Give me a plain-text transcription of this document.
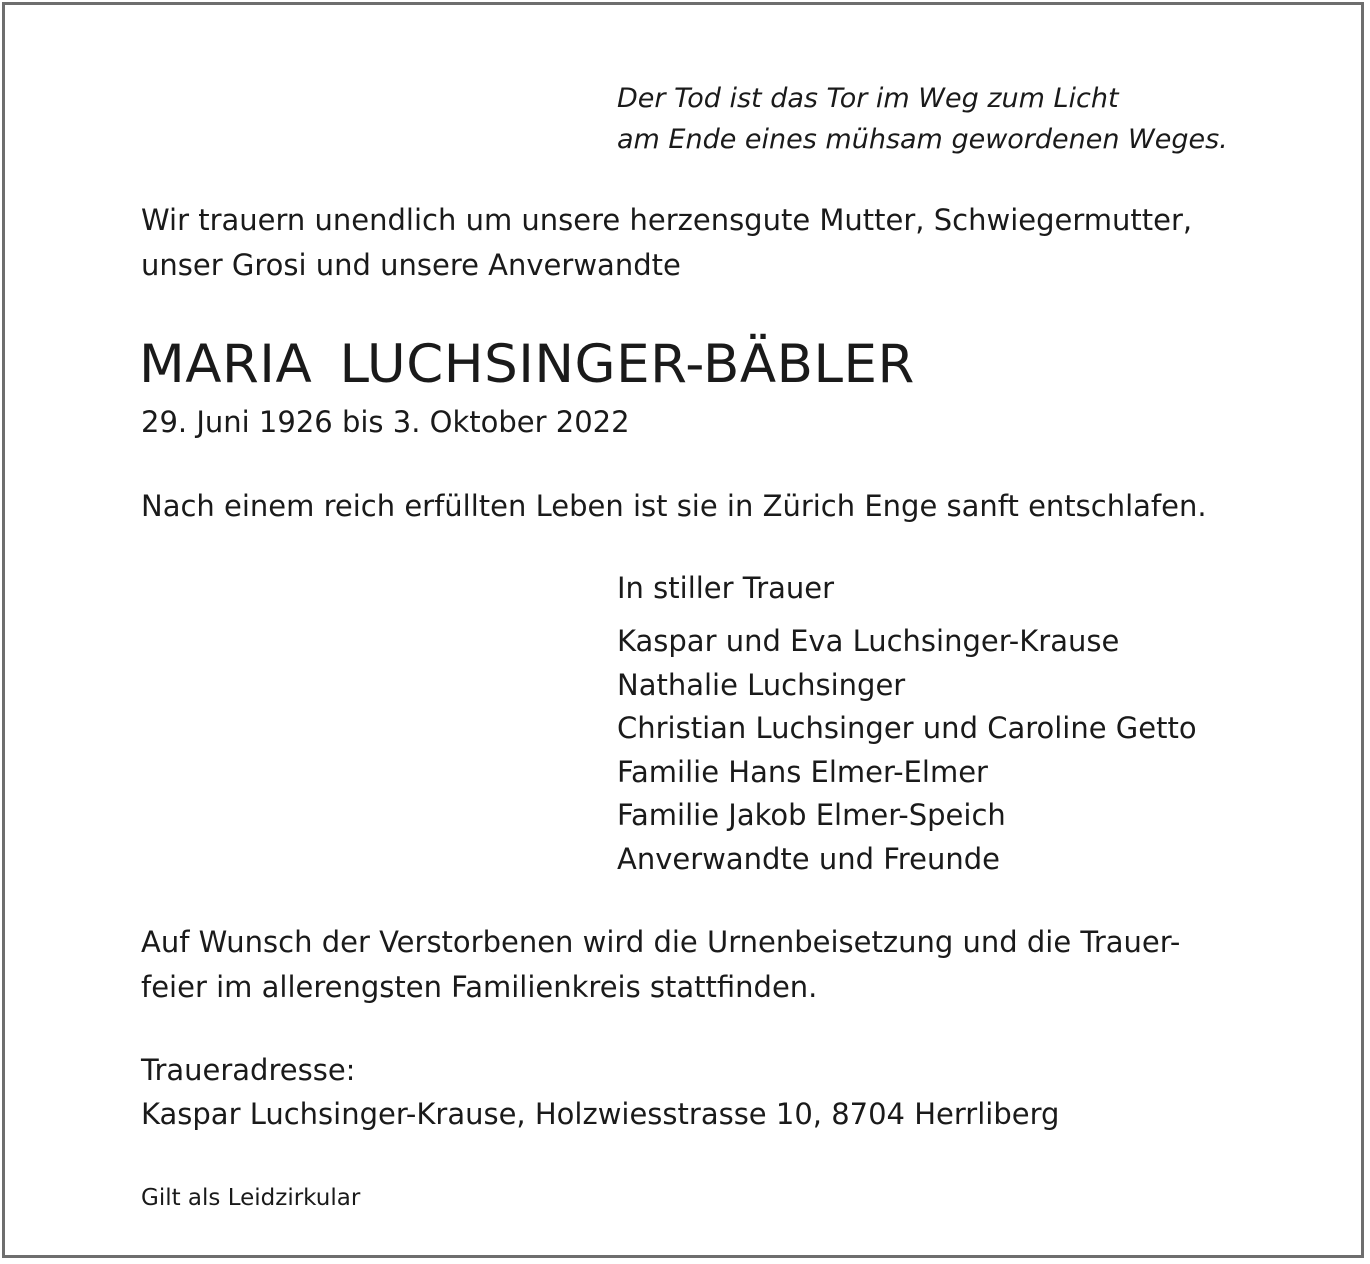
Der Tod ist das Tor im Weg zum Licht
am Ende eines mühsam gewordenen Weges.
Wir trauern unendlich um unsere herzensgute Mutter, Schwiegermutter,
unser Grosi und unsere Anverwandte
MARIA LUCHSINGER-BÄBLER
29. Juni 1926 bis 3. Oktober 2022
Nach einem reich erfüllten Leben ist sie in Zürich Enge sanft entschlafen.
In stiller Trauer
Kaspar und Eva Luchsinger-Krause
Nathalie Luchsinger
Christian Luchsinger und Caroline Getto
Familie Hans Elmer-Elmer
Familie Jakob Elmer-Speich
Anverwandte und Freunde
Auf Wunsch der Verstorbenen wird die Urnenbeisetzung und die Trauer-
feier im allerengsten Familienkreis stattfinden.
Traueradresse:
Kaspar Luchsinger-Krause, Holzwiesstrasse 10, 8704 Herrliberg
Gilt als Leidzirkular
